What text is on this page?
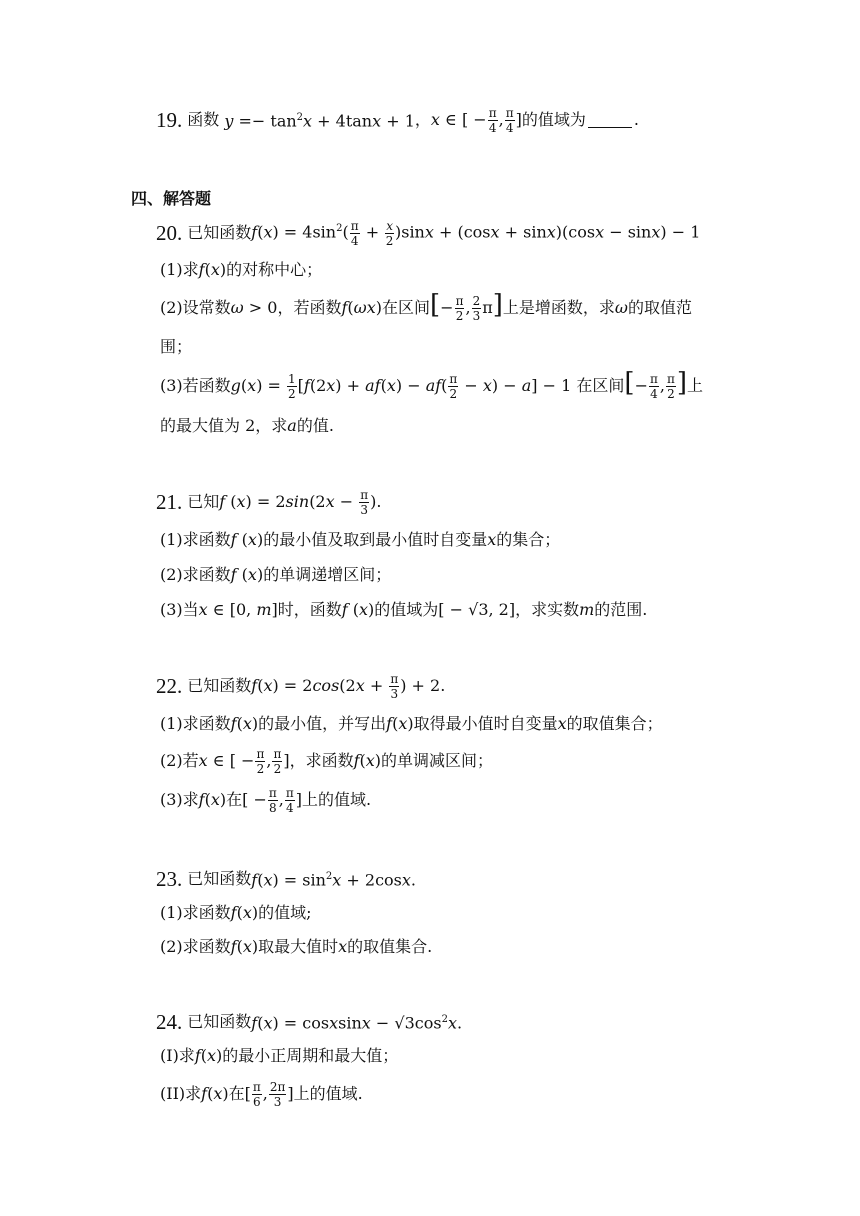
19. 函数 $y =- \tan^2x + 4\tan x + 1$ ， x ∈ [ − $\frac{\pi}{4}$ , $\frac{\pi}{4}$ ] 的值域为	.
四、解答题
20. 已知函数 $f(x) = 4\sin^2( \frac{\pi}{4} + \frac{x}{2} )\sin x + (\cos x + \sin x)(\cos x - \sin x) - 1$
(1)求 f(x) 的对称中心；
(2)设常数 ω > 0 ，若函数 f(ωx) 在区间 [− $\frac{\pi}{2}$ , $\frac{2}{3} \pi$] 上是增函数，求 ω 的取值范
围；
(3)若函数 $g(x) = \frac{1}{2} [f(2x) + af(x) - af( \frac{\pi}{2} - x) - a] - 1$ 在区间 [− $\frac{\pi}{4}$ , $\frac{\pi}{2}$ ] 上
的最大值为 2，求 a 的值.
21. 已知 f $(x) = 2\sin(2x - \frac{\pi}{3}$ ).
(1)求函数 f (x) 的最小值及取到最小值时自变量 x 的集合；
(2)求函数 f (x) 的单调递增区间；
(3)当 x ∈ [0, m] 时，函数 f (x) 的值域为 [ − √3, 2] ，求实数 m 的范围.
22. 已知函数 $f(x) = 2\cos(2x + \frac{\pi}{3}$ ) + 2.
(1)求函数 f(x) 的最小值，并写出 f(x) 取得最小值时自变量 x 的取值集合；
(2)若 x ∈ [ − $\frac{\pi}{2}$ , $\frac{\pi}{2}$ ] ，求函数 f(x) 的单调减区间；
(3)求 f(x) 在 [ − $\frac{\pi}{8}$ , $\frac{\pi}{4}$ ] 上的值域.
23. 已知函数 $f(x) = \sin^2x + 2\cos x$.
(1)求函数 f(x) 的值域;
(2)求函数 f(x) 取最大值时 x 的取值集合.
24. 已知函数 f(x) = cosxsinx − $√3\cos^2x$.
(I)求 f(x) 的最小正周期和最大值；
(II)求 f(x) 在 [ $\frac{\pi}{6}$ , $\frac{2\pi}{3}$ ] 上的值域.
